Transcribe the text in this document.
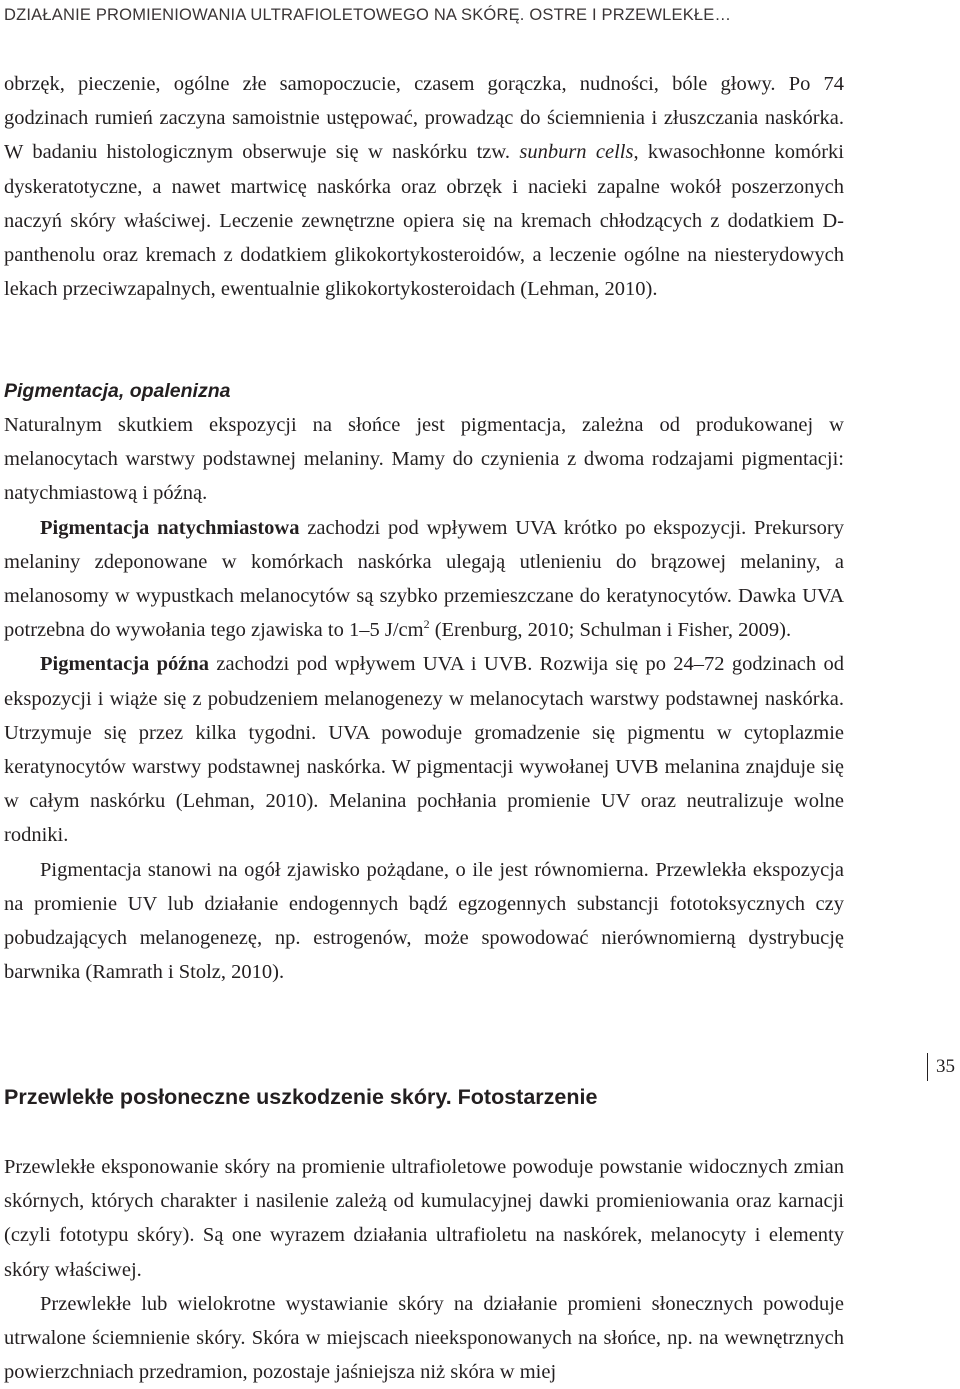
DZIAŁANIE PROMIENIOWANIA ULTRAFIOLETOWEGO NA SKÓRĘ. OSTRE I PRZEWLEKŁE…

obrzęk, pieczenie, ogólne złe samopoczucie, czasem gorączka, nudności, bóle głowy. Po 74 godzinach rumień zaczyna samoistnie ustępować, prowadząc do ściemnienia i złuszczania naskórka. W badaniu histologicznym obserwuje się w naskórku tzw. sunburn cells, kwasochłonne komórki dyskeratotyczne, a nawet martwicę naskórka oraz obrzęk i nacieki zapalne wokół poszerzonych naczyń skóry właściwej. Leczenie zewnętrzne opiera się na kremach chłodzących z dodatkiem D-panthenolu oraz kremach z dodatkiem glikokortykosteroidów, a leczenie ogólne na niesterydowych lekach przeciwzapalnych, ewentualnie glikokortykosteroidach (Lehman, 2010).

Pigmentacja, opalenizna

Naturalnym skutkiem ekspozycji na słońce jest pigmentacja, zależna od produkowanej w melanocytach warstwy podstawnej melaniny. Mamy do czynienia z dwoma rodzajami pigmentacji: natychmiastową i późną.

Pigmentacja natychmiastowa zachodzi pod wpływem UVA krótko po ekspozycji. Prekursory melaniny zdeponowane w komórkach naskórka ulegają utlenieniu do brązowej melaniny, a melanosomy w wypustkach melanocytów są szybko przemieszczane do keratynocytów. Dawka UVA potrzebna do wywołania tego zjawiska to 1–5 $J/cm^2$ (Erenburg, 2010; Schulman i Fisher, 2009).

Pigmentacja późna zachodzi pod wpływem UVA i UVB. Rozwija się po 24–72 godzinach od ekspozycji i wiąże się z pobudzeniem melanogenezy w melanocytach warstwy podstawnej naskórka. Utrzymuje się przez kilka tygodni. UVA powoduje gromadzenie się pigmentu w cytoplazmie keratynocytów warstwy podstawnej naskórka. W pigmentacji wywołanej UVB melanina znajduje się w całym naskórku (Lehman, 2010). Melanina pochłania promienie UV oraz neutralizuje wolne rodniki.

Pigmentacja stanowi na ogół zjawisko pożądane, o ile jest równomierna. Przewlekła ekspozycja na promienie UV lub działanie endogennych bądź egzogennych substancji fototoksycznych czy pobudzających melanogenezę, np. estrogenów, może spowodować nierównomierną dystrybucję barwnika (Ramrath i Stolz, 2010).

Przewlekłe posłoneczne uszkodzenie skóry. Fotostarzenie
35

Przewlekłe eksponowanie skóry na promienie ultrafioletowe powoduje powstanie widocznych zmian skórnych, których charakter i nasilenie zależą od kumulacyjnej dawki promieniowania oraz karnacji (czyli fototypu skóry). Są one wyrazem działania ultrafioletu na naskórek, melanocyty i elementy skóry właściwej.

Przewlekłe lub wielokrotne wystawianie skóry na działanie promieni słonecznych powoduje utrwalone ściemnienie skóry. Skóra w miejscach nieeksponowanych na słońce, np. na wewnętrznych powierzchniach przedramion, pozostaje jaśniejsza niż skóra w miej
